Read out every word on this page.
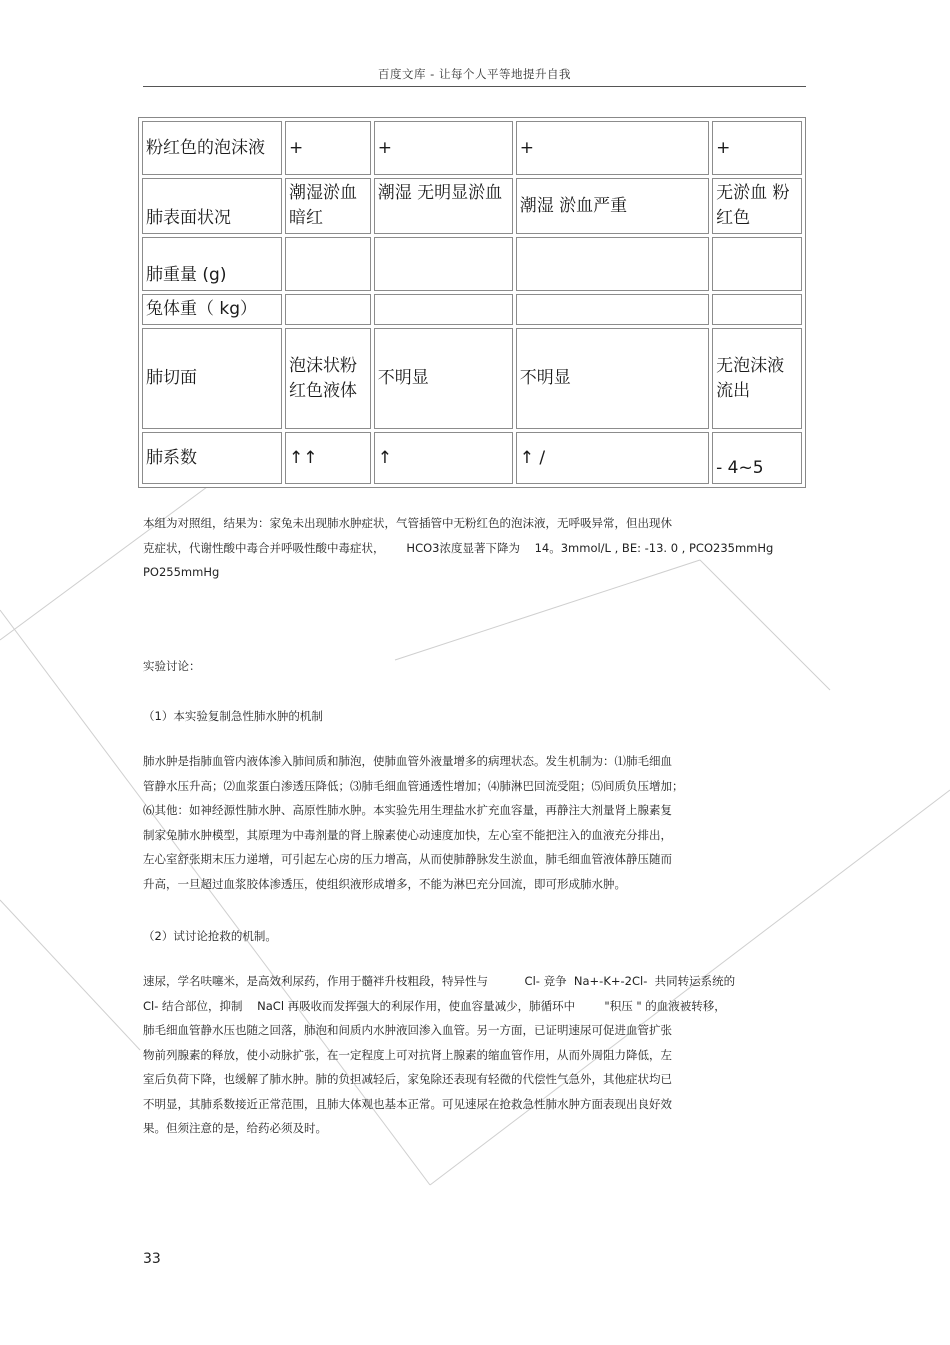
百度文库 - 让每个人平等地提升自我
粉红色的泡沫液	+	+	+	+
肺表面状况	潮湿淤血暗红	潮湿 无明显淤血	潮湿 淤血严重	无淤血 粉红色
肺重量 (g)				
兔体重（ kg）				
肺切面	泡沫状粉红色液体	不明显	不明显	无泡沫液流出
肺系数	↑↑	↑	↑ /	- 4~5
本组为对照组，结果为：家兔未出现肺水肿症状，气管插管中无粉红色的泡沫液，无呼吸异常，但出现休
克症状，代谢性酸中毒合并呼吸性酸中毒症状，      HCO3浓度显著下降为    14。3mmol/L , BE: -13. 0 , PCO235mmHg
PO255mmHg
实验讨论：
（1）本实验复制急性肺水肿的机制
肺水肿是指肺血管内液体渗入肺间质和肺泡，使肺血管外液量增多的病理状态。发生机制为：⑴肺毛细血
管静水压升高；⑵血浆蛋白渗透压降低；⑶肺毛细血管通透性增加；⑷肺淋巴回流受阻；⑸间质负压增加；
⑹其他：如神经源性肺水肿、高原性肺水肿。本实验先用生理盐水扩充血容量，再静注大剂量肾上腺素复
制家兔肺水肿模型，其原理为中毒剂量的肾上腺素使心动速度加快，左心室不能把注入的血液充分排出，
左心室舒张期末压力递增，可引起左心房的压力增高，从而使肺静脉发生淤血，肺毛细血管液体静压随而
升高，一旦超过血浆胶体渗透压，使组织液形成增多，不能为淋巴充分回流，即可形成肺水肿。
（2）试讨论抢救的机制。
速尿，学名呋噻米，是高效利尿药，作用于髓袢升枝粗段，特异性与          Cl- 竞争  Na+-K+-2Cl-  共同转运系统的
Cl- 结合部位，抑制    NaCl 再吸收而发挥强大的利尿作用，使血容量减少，肺循环中        "积压 " 的血液被转移，
肺毛细血管静水压也随之回落，肺泡和间质内水肿液回渗入血管。另一方面，已证明速尿可促进血管扩张
物前列腺素的释放，使小动脉扩张，在一定程度上可对抗肾上腺素的缩血管作用，从而外周阻力降低，左
室后负荷下降，也缓解了肺水肿。肺的负担减轻后，家兔除还表现有轻微的代偿性气急外，其他症状均已
不明显，其肺系数接近正常范围，且肺大体观也基本正常。可见速尿在抢救急性肺水肿方面表现出良好效
果。但须注意的是，给药必须及时。
33
